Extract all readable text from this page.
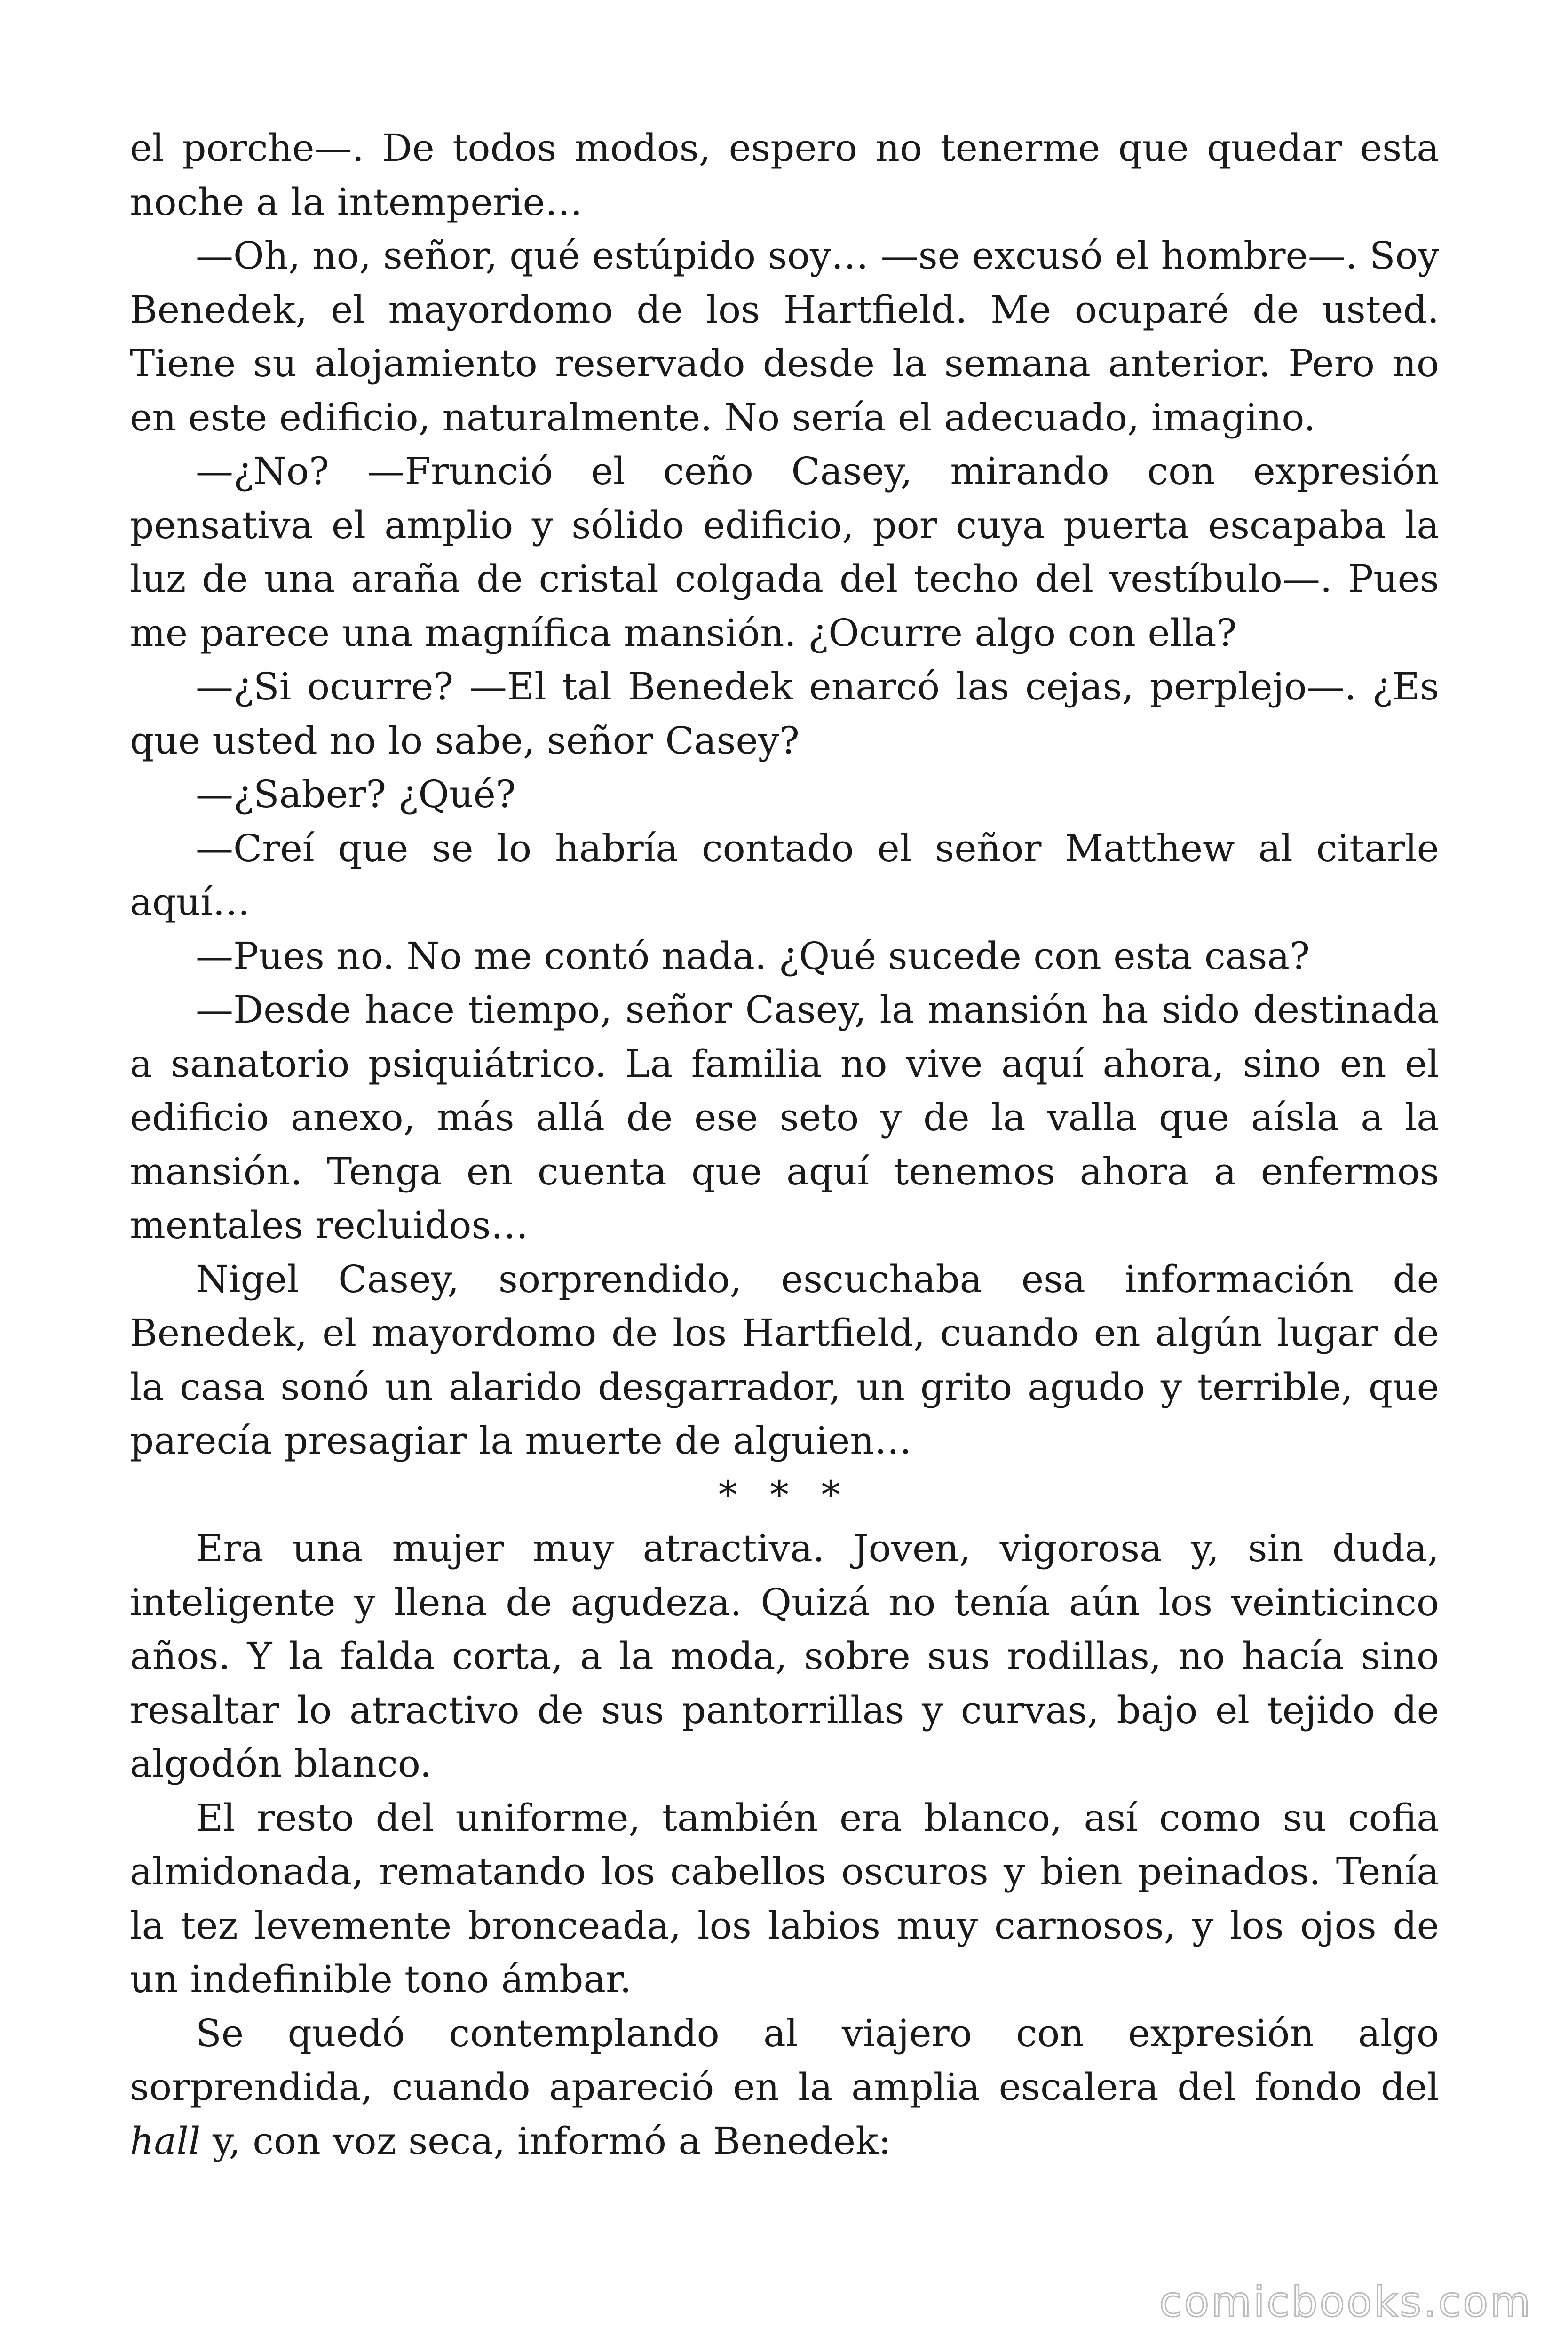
el porche—. De todos modos, espero no tenerme que quedar esta noche a la intemperie…

—Oh, no, señor, qué estúpido soy… —se excusó el hombre—. Soy Benedek, el mayordomo de los Hartfield. Me ocuparé de usted. Tiene su alojamiento reservado desde la semana anterior. Pero no en este edificio, naturalmente. No sería el adecuado, imagino.

—¿No? —Frunció el ceño Casey, mirando con expresión pensativa el amplio y sólido edificio, por cuya puerta escapaba la luz de una araña de cristal colgada del techo del vestíbulo—. Pues me parece una magnífica mansión. ¿Ocurre algo con ella?

—¿Si ocurre? —El tal Benedek enarcó las cejas, perplejo—. ¿Es que usted no lo sabe, señor Casey?

—¿Saber? ¿Qué?

—Creí que se lo habría contado el señor Matthew al citarle aquí…

—Pues no. No me contó nada. ¿Qué sucede con esta casa?

—Desde hace tiempo, señor Casey, la mansión ha sido destinada a sanatorio psiquiátrico. La familia no vive aquí ahora, sino en el edificio anexo, más allá de ese seto y de la valla que aísla a la mansión. Tenga en cuenta que aquí tenemos ahora a enfermos mentales recluidos…

Nigel Casey, sorprendido, escuchaba esa información de Benedek, el mayordomo de los Hartfield, cuando en algún lugar de la casa sonó un alarido desgarrador, un grito agudo y terrible, que parecía presagiar la muerte de alguien…

* * *

Era una mujer muy atractiva. Joven, vigorosa y, sin duda, inteligente y llena de agudeza. Quizá no tenía aún los veinticinco años. Y la falda corta, a la moda, sobre sus rodillas, no hacía sino resaltar lo atractivo de sus pantorrillas y curvas, bajo el tejido de algodón blanco.

El resto del uniforme, también era blanco, así como su cofia almidonada, rematando los cabellos oscuros y bien peinados. Tenía la tez levemente bronceada, los labios muy carnosos, y los ojos de un indefinible tono ámbar.

Se quedó contemplando al viajero con expresión algo sorprendida, cuando apareció en la amplia escalera del fondo del hall y, con voz seca, informó a Benedek:

comicbooks.com
